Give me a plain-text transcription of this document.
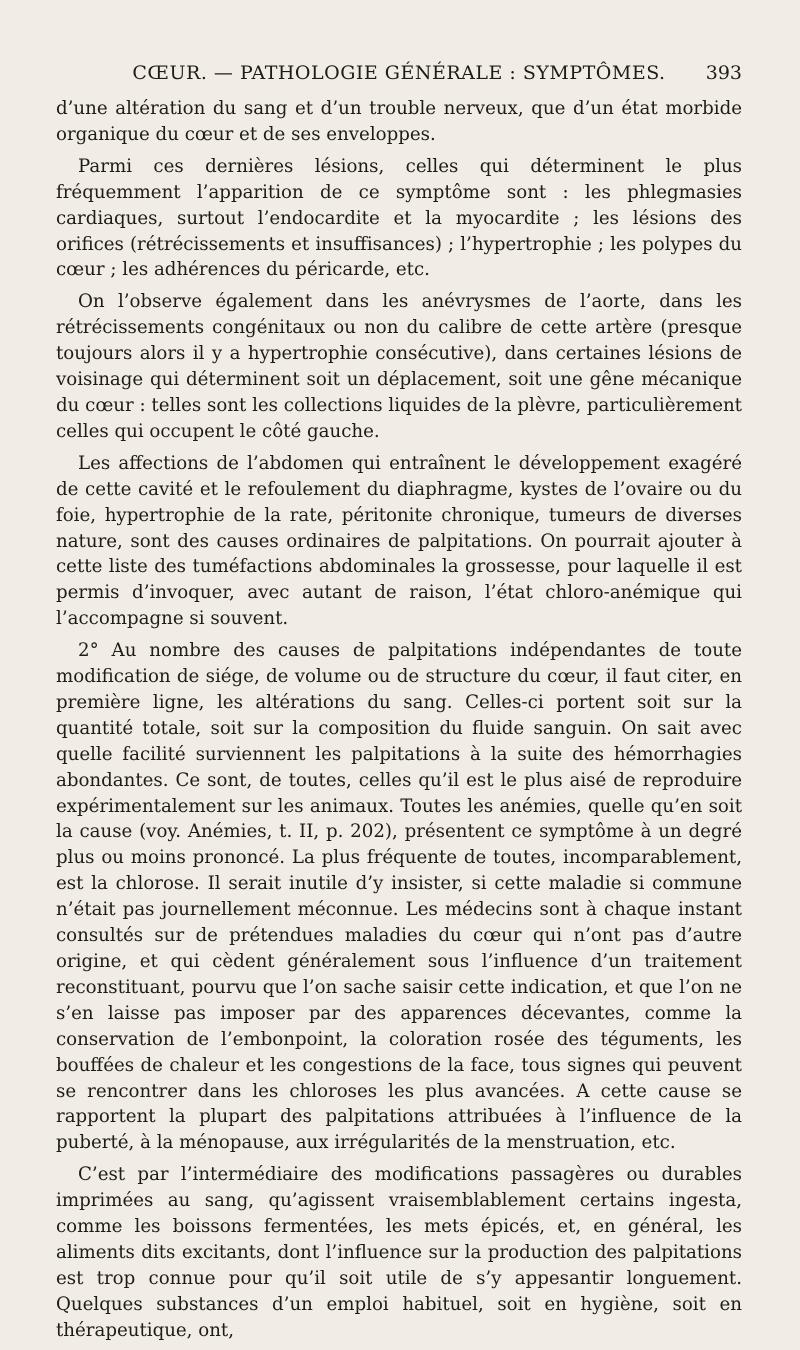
CŒUR. — PATHOLOGIE GÉNÉRALE : SYMPTÔMES.	393

d’une altération du sang et d’un trouble nerveux, que d’un état morbide organique du cœur et de ses enveloppes.

Parmi ces dernières lésions, celles qui déterminent le plus fréquemment l’apparition de ce symptôme sont : les phlegmasies cardiaques, surtout l’endocardite et la myocardite ; les lésions des orifices (rétrécissements et insuffisances) ; l’hypertrophie ; les polypes du cœur ; les adhérences du péricarde, etc.

On l’observe également dans les anévrysmes de l’aorte, dans les rétrécissements congénitaux ou non du calibre de cette artère (presque toujours alors il y a hypertrophie consécutive), dans certaines lésions de voisinage qui déterminent soit un déplacement, soit une gêne mécanique du cœur : telles sont les collections liquides de la plèvre, particulièrement celles qui occupent le côté gauche.

Les affections de l’abdomen qui entraînent le développement exagéré de cette cavité et le refoulement du diaphragme, kystes de l’ovaire ou du foie, hypertrophie de la rate, péritonite chronique, tumeurs de diverses nature, sont des causes ordinaires de palpitations. On pourrait ajouter à cette liste des tuméfactions abdominales la grossesse, pour laquelle il est permis d’invoquer, avec autant de raison, l’état chloro-anémique qui l’accompagne si souvent.

2° Au nombre des causes de palpitations indépendantes de toute modification de siége, de volume ou de structure du cœur, il faut citer, en première ligne, les altérations du sang. Celles-ci portent soit sur la quantité totale, soit sur la composition du fluide sanguin. On sait avec quelle facilité surviennent les palpitations à la suite des hémorrhagies abondantes. Ce sont, de toutes, celles qu’il est le plus aisé de reproduire expérimentalement sur les animaux. Toutes les anémies, quelle qu’en soit la cause (voy. Anémies, t. II, p. 202), présentent ce symptôme à un degré plus ou moins prononcé. La plus fréquente de toutes, incomparablement, est la chlorose. Il serait inutile d’y insister, si cette maladie si commune n’était pas journellement méconnue. Les médecins sont à chaque instant consultés sur de prétendues maladies du cœur qui n’ont pas d’autre origine, et qui cèdent généralement sous l’influence d’un traitement reconstituant, pourvu que l’on sache saisir cette indication, et que l’on ne s’en laisse pas imposer par des apparences décevantes, comme la conservation de l’embonpoint, la coloration rosée des téguments, les bouffées de chaleur et les congestions de la face, tous signes qui peuvent se rencontrer dans les chloroses les plus avancées. A cette cause se rapportent la plupart des palpitations attribuées à l’influence de la puberté, à la ménopause, aux irrégularités de la menstruation, etc.

C’est par l’intermédiaire des modifications passagères ou durables imprimées au sang, qu’agissent vraisemblablement certains ingesta, comme les boissons fermentées, les mets épicés, et, en général, les aliments dits excitants, dont l’influence sur la production des palpitations est trop connue pour qu’il soit utile de s’y appesantir longuement. Quelques substances d’un emploi habituel, soit en hygiène, soit en thérapeutique, ont,
